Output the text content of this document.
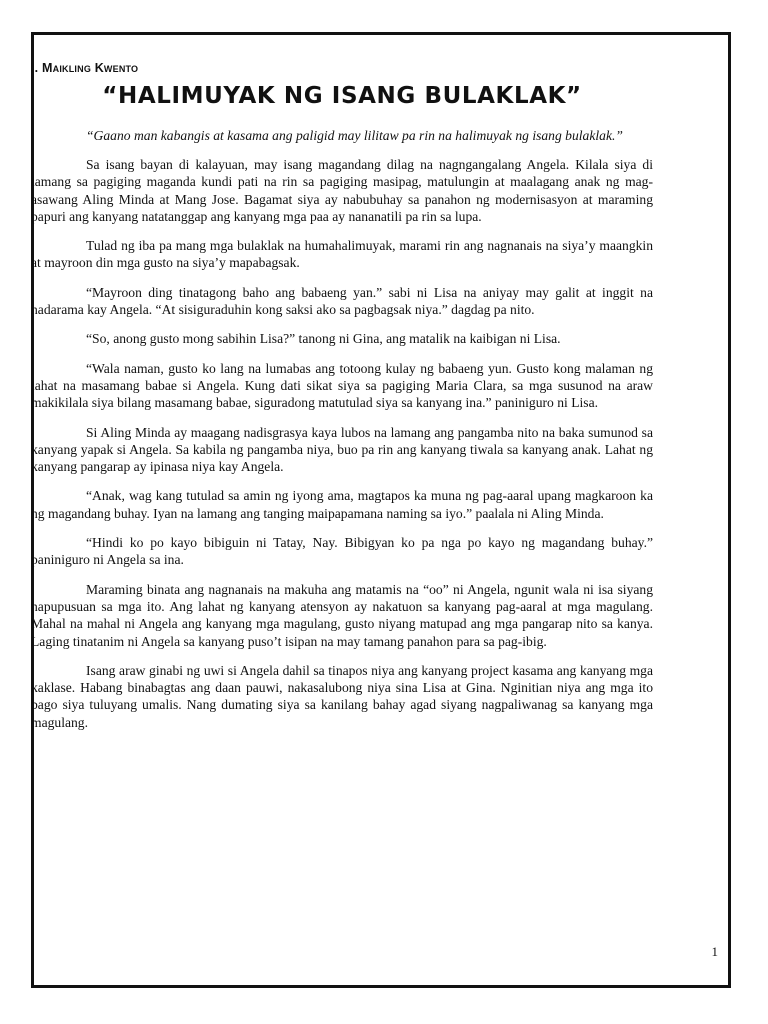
I. Maikling Kwento
“HALIMUYAK NG ISANG BULAKLAK”

“Gaano man kabangis at kasama ang paligid may lilitaw pa rin na halimuyak ng isang bulaklak.”

Sa isang bayan di kalayuan, may isang magandang dilag na nagngangalang Angela. Kilala siya di lamang sa pagiging maganda kundi pati na rin sa pagiging masipag, matulungin at maalagang anak ng mag-asawang Aling Minda at Mang Jose. Bagamat siya ay nabubuhay sa panahon ng modernisasyon at maraming papuri ang kanyang natatanggap ang kanyang mga paa ay nananatili pa rin sa lupa.

Tulad ng iba pa mang mga bulaklak na humahalimuyak, marami rin ang nagnanais na siya’y maangkin at mayroon din mga gusto na siya’y mapabagsak.

“Mayroon ding tinatagong baho ang babaeng yan.” sabi ni Lisa na aniyay may galit at inggit na nadarama kay Angela. “At sisiguraduhin kong saksi ako sa pagbagsak niya.” dagdag pa nito.

“So, anong gusto mong sabihin Lisa?” tanong ni Gina, ang matalik na kaibigan ni Lisa.

“Wala naman, gusto ko lang na lumabas ang totoong kulay ng babaeng yun. Gusto kong malaman ng lahat na masamang babae si Angela. Kung dati sikat siya sa pagiging Maria Clara, sa mga susunod na araw makikilala siya bilang masamang babae, siguradong matutulad siya sa kanyang ina.” paniniguro ni Lisa.

Si Aling Minda ay maagang nadisgrasya kaya lubos na lamang ang pangamba nito na baka sumunod sa kanyang yapak si Angela. Sa kabila ng pangamba niya, buo pa rin ang kanyang tiwala sa kanyang anak. Lahat ng kanyang pangarap ay ipinasa niya kay Angela.

“Anak, wag kang tutulad sa amin ng iyong ama, magtapos ka muna ng pag-aaral upang magkaroon ka ng magandang buhay. Iyan na lamang ang tanging maipapamana naming sa iyo.” paalala ni Aling Minda.

“Hindi ko po kayo bibiguin ni Tatay, Nay. Bibigyan ko pa nga po kayo ng magandang buhay.” paniniguro ni Angela sa ina.

Maraming binata ang nagnanais na makuha ang matamis na “oo” ni Angela, ngunit wala ni isa siyang napupusuan sa mga ito. Ang lahat ng kanyang atensyon ay nakatuon sa kanyang pag-aaral at mga magulang. Mahal na mahal ni Angela ang kanyang mga magulang, gusto niyang matupad ang mga pangarap nito sa kanya. Laging tinatanim ni Angela sa kanyang puso’t isipan na may tamang panahon para sa pag-ibig.

Isang araw ginabi ng uwi si Angela dahil sa tinapos niya ang kanyang project kasama ang kanyang mga kaklase. Habang binabagtas ang daan pauwi, nakasalubong niya sina Lisa at Gina. Nginitian niya ang mga ito bago siya tuluyang umalis. Nang dumating siya sa kanilang bahay agad siyang nagpaliwanag sa kanyang mga magulang.

1
